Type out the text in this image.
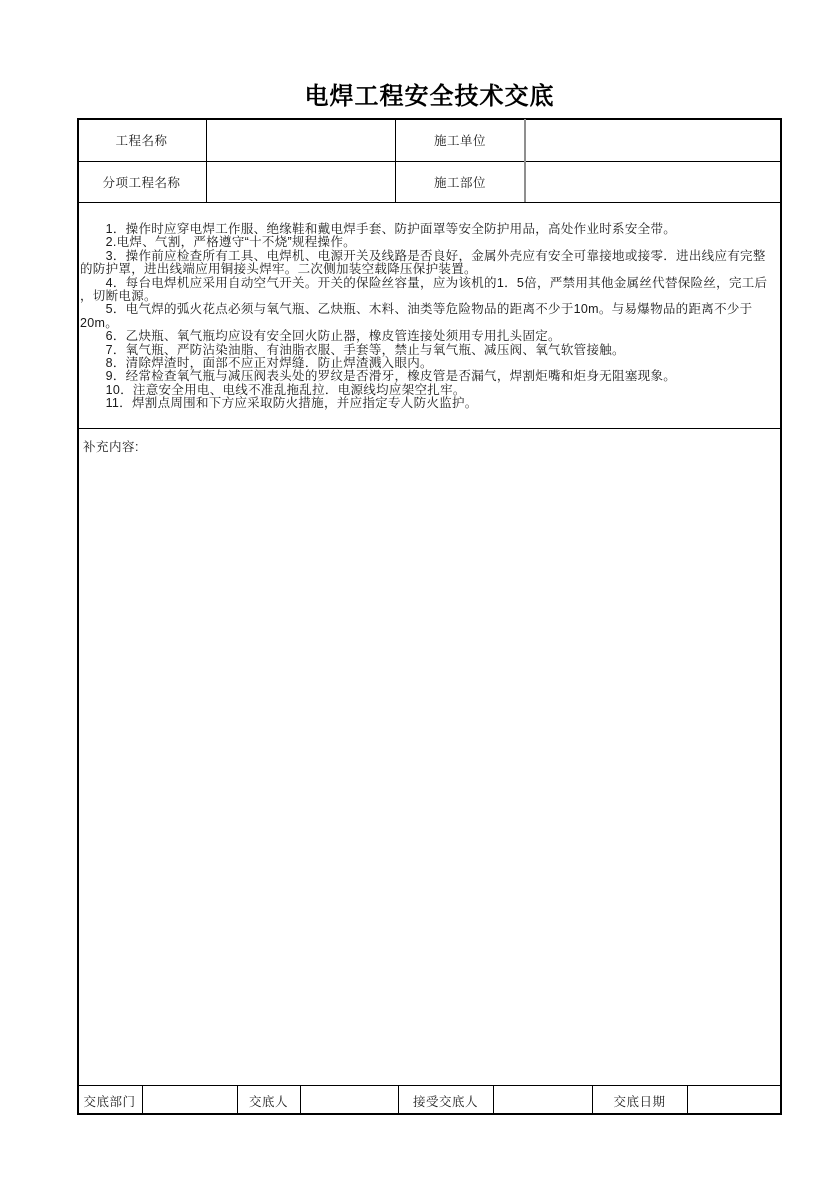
电焊工程安全技术交底
工程名称	施工单位
分项工程名称	施工部位
　　1．操作时应穿电焊工作服、绝缘鞋和戴电焊手套、防护面罩等安全防护用品，高处作业时系安全带。
　　2.电焊、气割，严格遵守“十不烧”规程操作。
　　3．操作前应检查所有工具、电焊机、电源开关及线路是否良好，金属外壳应有安全可靠接地或接零．进出线应有完整
的防护罩，进出线端应用铜接头焊牢。二次侧加装空载降压保护装置。
　　4．每台电焊机应采用自动空气开关。开关的保险丝容量，应为该机的1．5倍，严禁用其他金属丝代替保险丝，完工后
，切断电源。
　　5．电气焊的弧火花点必须与氧气瓶、乙炔瓶、木料、油类等危险物品的距离不少于10m。与易爆物品的距离不少于
20m。
　　6．乙炔瓶、氧气瓶均应设有安全回火防止器，橡皮管连接处须用专用扎头固定。
　　7．氧气瓶、严防沾染油脂、有油脂衣服、手套等，禁止与氧气瓶、减压阀、氧气软管接触。
　　8．清除焊渣时，面部不应正对焊缝．防止焊渣溅入眼内。
　　9．经常检查氧气瓶与减压阀表头处的罗纹是否滑牙，橡皮管是否漏气，焊割炬嘴和炬身无阻塞现象。
　　10．注意安全用电、电线不准乱拖乱拉．电源线均应架空扎牢。
　　11．焊割点周围和下方应采取防火措施，并应指定专人防火监护。
补充内容:
交底部门	交底人	接受交底人	交底日期
